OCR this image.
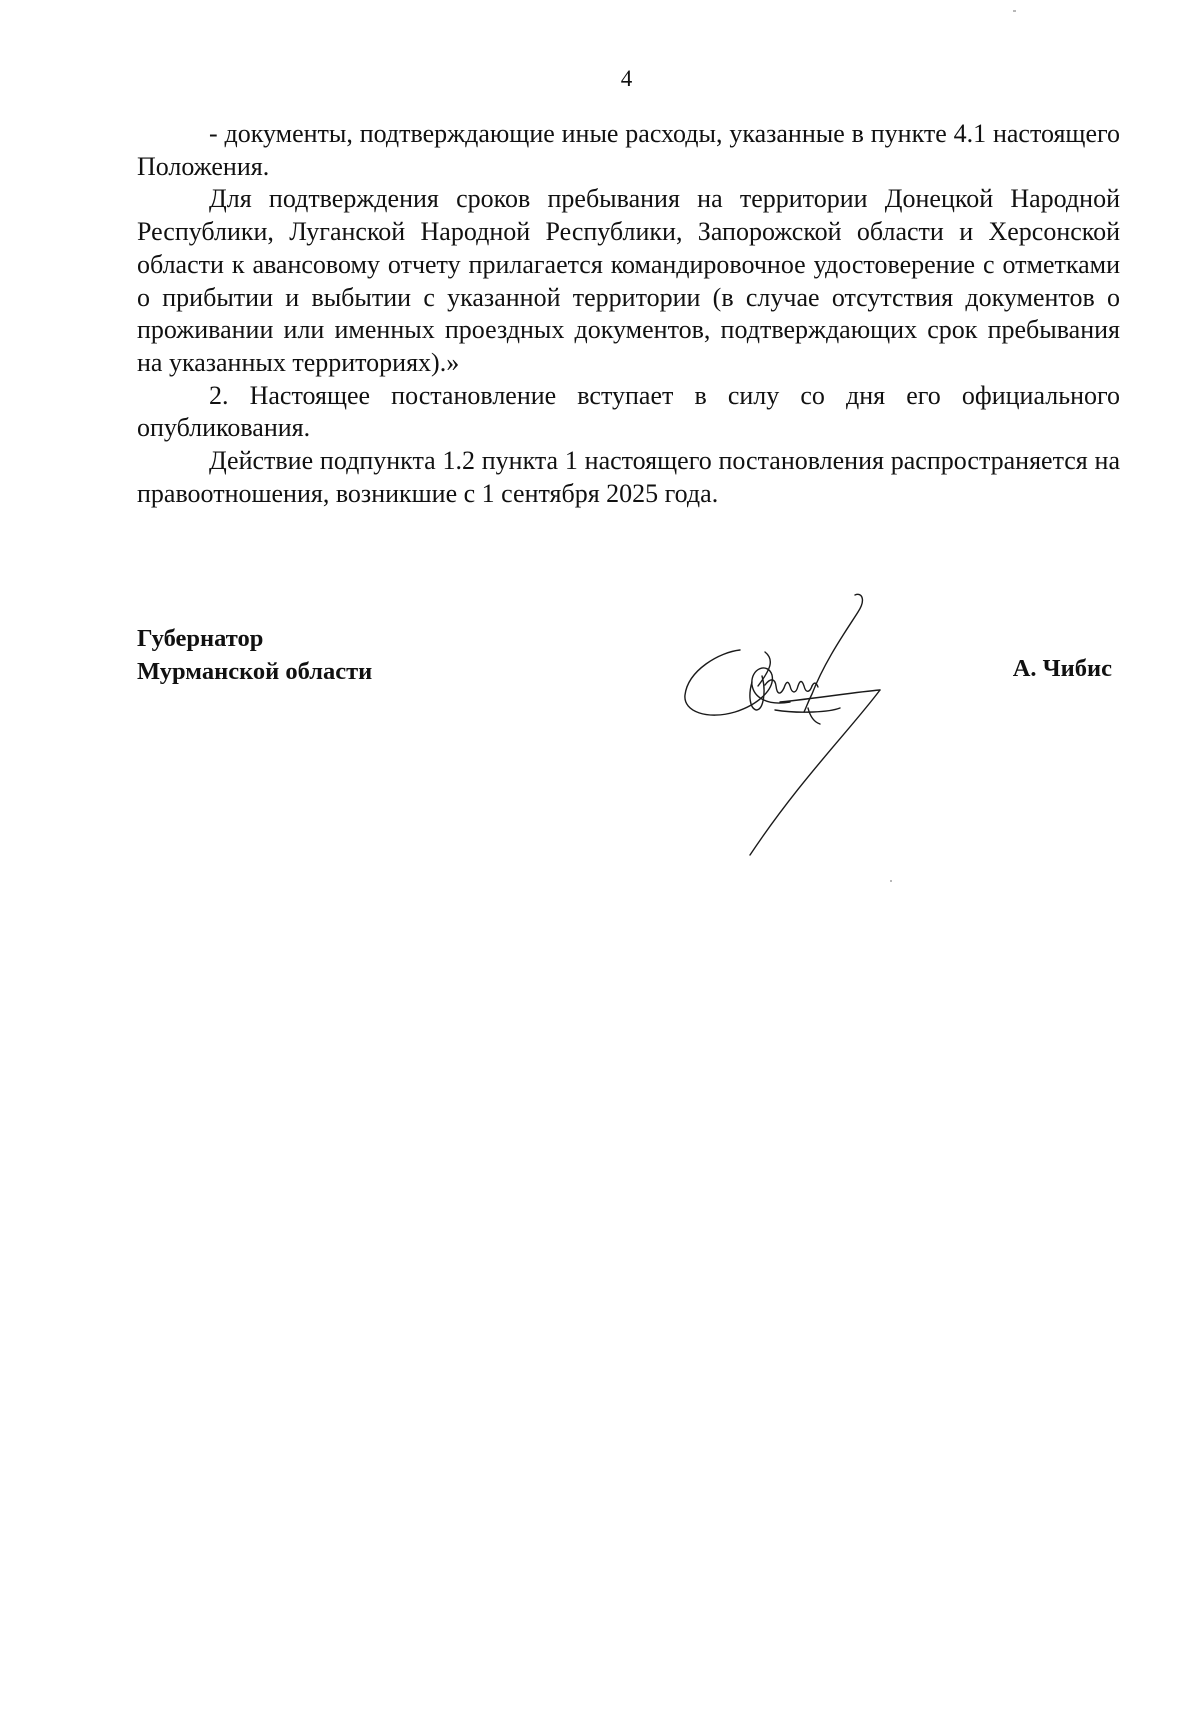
4

- документы, подтверждающие иные расходы, указанные в пункте 4.1 настоящего Положения.

Для подтверждения сроков пребывания на территории Донецкой Народной Республики, Луганской Народной Республики, Запорожской области и Херсонской области к авансовому отчету прилагается командировочное удостоверение с отметками о прибытии и выбытии с указанной территории (в случае отсутствия документов о проживании или именных проездных документов, подтверждающих срок пребывания на указанных территориях).»

2. Настоящее постановление вступает в силу со дня его официального опубликования.

Действие подпункта 1.2 пункта 1 настоящего постановления распространяется на правоотношения, возникшие с 1 сентября 2025 года.

Губернатор
Мурманской области	А. Чибис
